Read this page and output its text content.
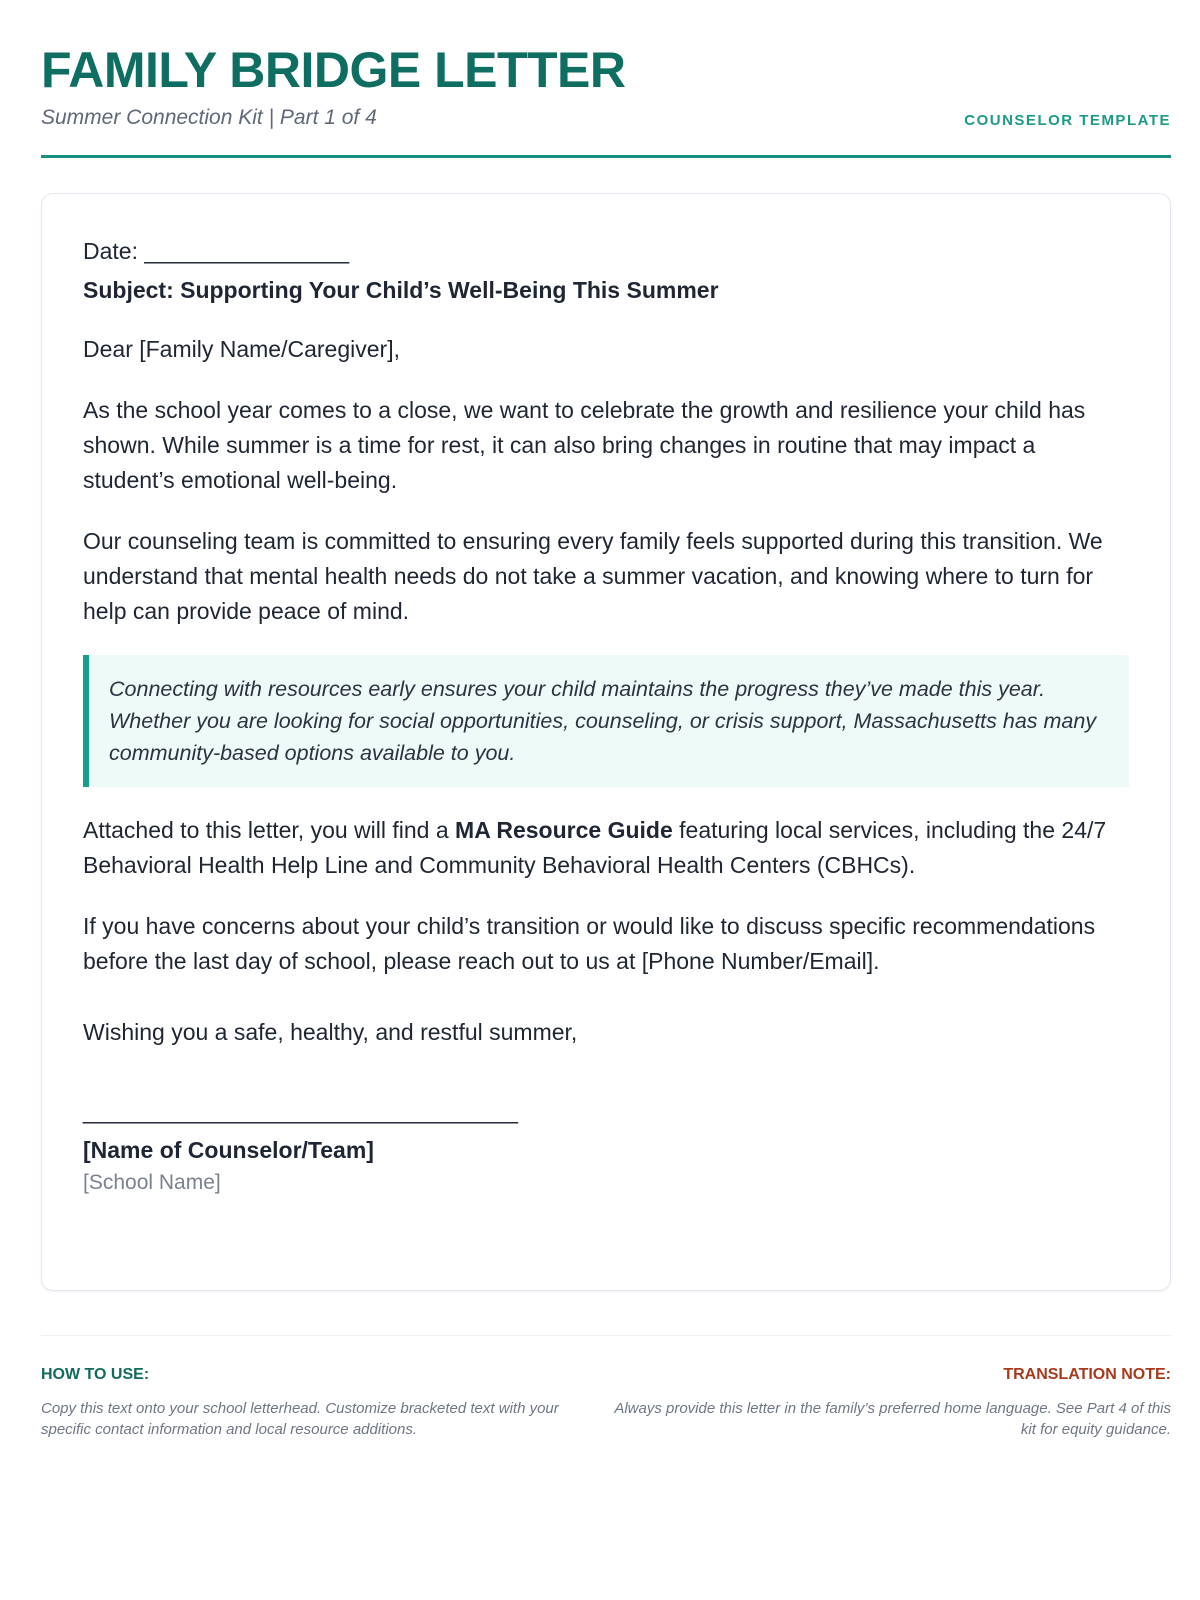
FAMILY BRIDGE LETTER
Summer Connection Kit | Part 1 of 4	COUNSELOR TEMPLATE

Date: ________________

Subject: Supporting Your Child’s Well-Being This Summer

Dear [Family Name/Caregiver],

As the school year comes to a close, we want to celebrate the growth and resilience your child has shown. While summer is a time for rest, it can also bring changes in routine that may impact a student’s emotional well-being.

Our counseling team is committed to ensuring every family feels supported during this transition. We understand that mental health needs do not take a summer vacation, and knowing where to turn for help can provide peace of mind.

Connecting with resources early ensures your child maintains the progress they’ve made this year. Whether you are looking for social opportunities, counseling, or crisis support, Massachusetts has many community-based options available to you.

Attached to this letter, you will find a MA Resource Guide featuring local services, including the 24/7 Behavioral Health Help Line and Community Behavioral Health Centers (CBHCs).

If you have concerns about your child’s transition or would like to discuss specific recommendations before the last day of school, please reach out to us at [Phone Number/Email].

Wishing you a safe, healthy, and restful summer,

__________________________________

[Name of Counselor/Team]

[School Name]
HOW TO USE:
Copy this text onto your school letterhead. Customize bracketed text with your specific contact information and local resource additions.
TRANSLATION NOTE:
Always provide this letter in the family’s preferred home language. See Part 4 of this kit for equity guidance.
